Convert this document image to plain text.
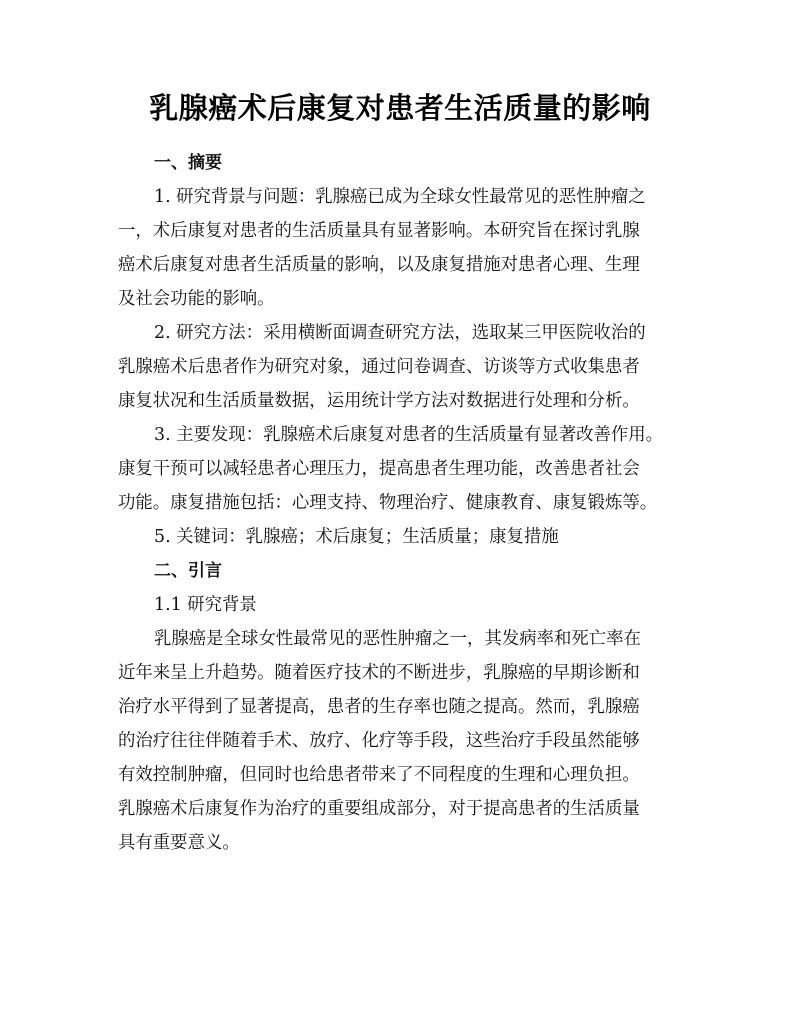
乳腺癌术后康复对患者生活质量的影响
一、摘要
1. 研究背景与问题：乳腺癌已成为全球女性最常见的恶性肿瘤之
一，术后康复对患者的生活质量具有显著影响。本研究旨在探讨乳腺
癌术后康复对患者生活质量的影响，以及康复措施对患者心理、生理
及社会功能的影响。
2. 研究方法：采用横断面调查研究方法，选取某三甲医院收治的
乳腺癌术后患者作为研究对象，通过问卷调查、访谈等方式收集患者
康复状况和生活质量数据，运用统计学方法对数据进行处理和分析。
3. 主要发现：乳腺癌术后康复对患者的生活质量有显著改善作用。
康复干预可以减轻患者心理压力，提高患者生理功能，改善患者社会
功能。康复措施包括：心理支持、物理治疗、健康教育、康复锻炼等。
5. 关键词：乳腺癌；术后康复；生活质量；康复措施
二、引言
1.1 研究背景
乳腺癌是全球女性最常见的恶性肿瘤之一，其发病率和死亡率在
近年来呈上升趋势。随着医疗技术的不断进步，乳腺癌的早期诊断和
治疗水平得到了显著提高，患者的生存率也随之提高。然而，乳腺癌
的治疗往往伴随着手术、放疗、化疗等手段，这些治疗手段虽然能够
有效控制肿瘤，但同时也给患者带来了不同程度的生理和心理负担。
乳腺癌术后康复作为治疗的重要组成部分，对于提高患者的生活质量
具有重要意义。
